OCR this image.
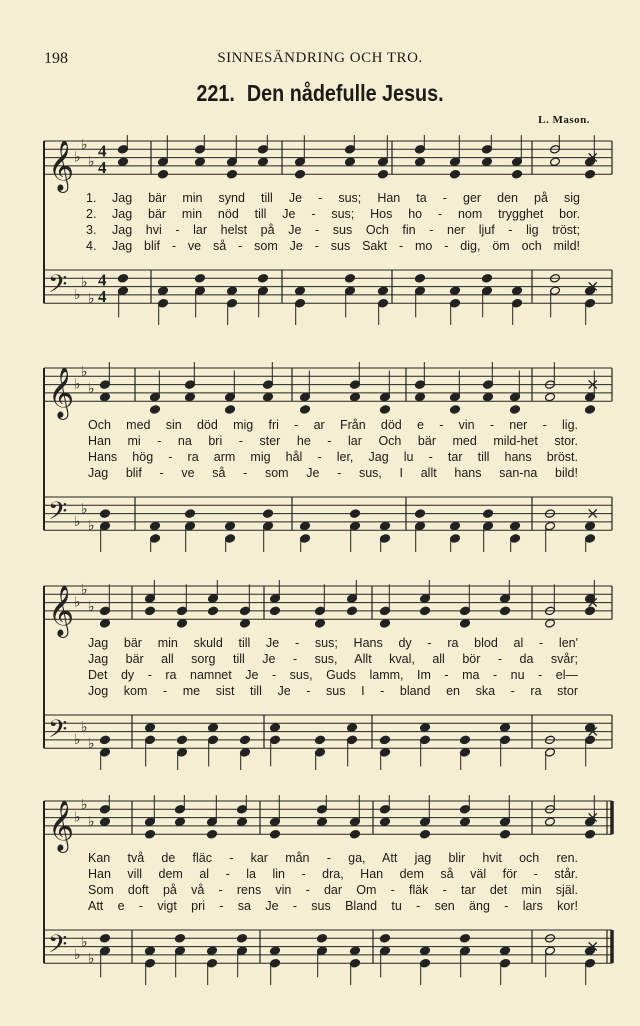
198	SINNESÄNDRING OCH TRO.
221. Den nådefulle Jesus.
L. Mason.
𝄞 ♭
♭
♭
4
4
×
𝄢 ♭
♭
♭
4
4
×
1. Jag bär min synd till Je - sus; Han ta - ger den på sig
2. Jag bär min nöd till Je - sus; Hos ho - nom trygghet bor.
3. Jag hvi - lar helst på Je - sus Och fin - ner ljuf - lig tröst;
4. Jag blif - ve så - som Je - sus Sakt - mo - dig, öm och mild!
𝄞 ♭
♭
♭	×
𝄢 ♭
♭
♭
×
Och med sin död mig fri - ar Från död e - vin - ner - lig.
Han mi - na bri - ster he - lar Och bär med mild-het stor.
Hans hög - ra arm mig hål - ler, Jag lu - tar till hans bröst.
Jag blif - ve så - som Je - sus, I allt hans san-na bild!
𝄞 ♭
♭
♭	×
𝄢 ♭
♭
♭
×
Jag bär min skuld till Je - sus; Hans dy - ra blod al - len'
Jag bär all sorg till Je - sus, Allt kval, all bör - da svår;
Det dy - ra namnet Je - sus, Guds lamm, Im - ma - nu - el—
Jog kom - me sist till Je - sus I - bland en ska - ra stor
𝄞 ♭
♭
♭	×
𝄢 ♭
♭
♭
×
Kan två de fläc - kar mån - ga, Att jag blir hvit och ren.
Han vill dem al - la lin - dra, Han dem så väl för - står.
Som doft på vå - rens vin - dar Om - fläk - tar det min själ.
Att e - vigt pri - sa Je - sus Bland tu - sen äng - lars kor!
